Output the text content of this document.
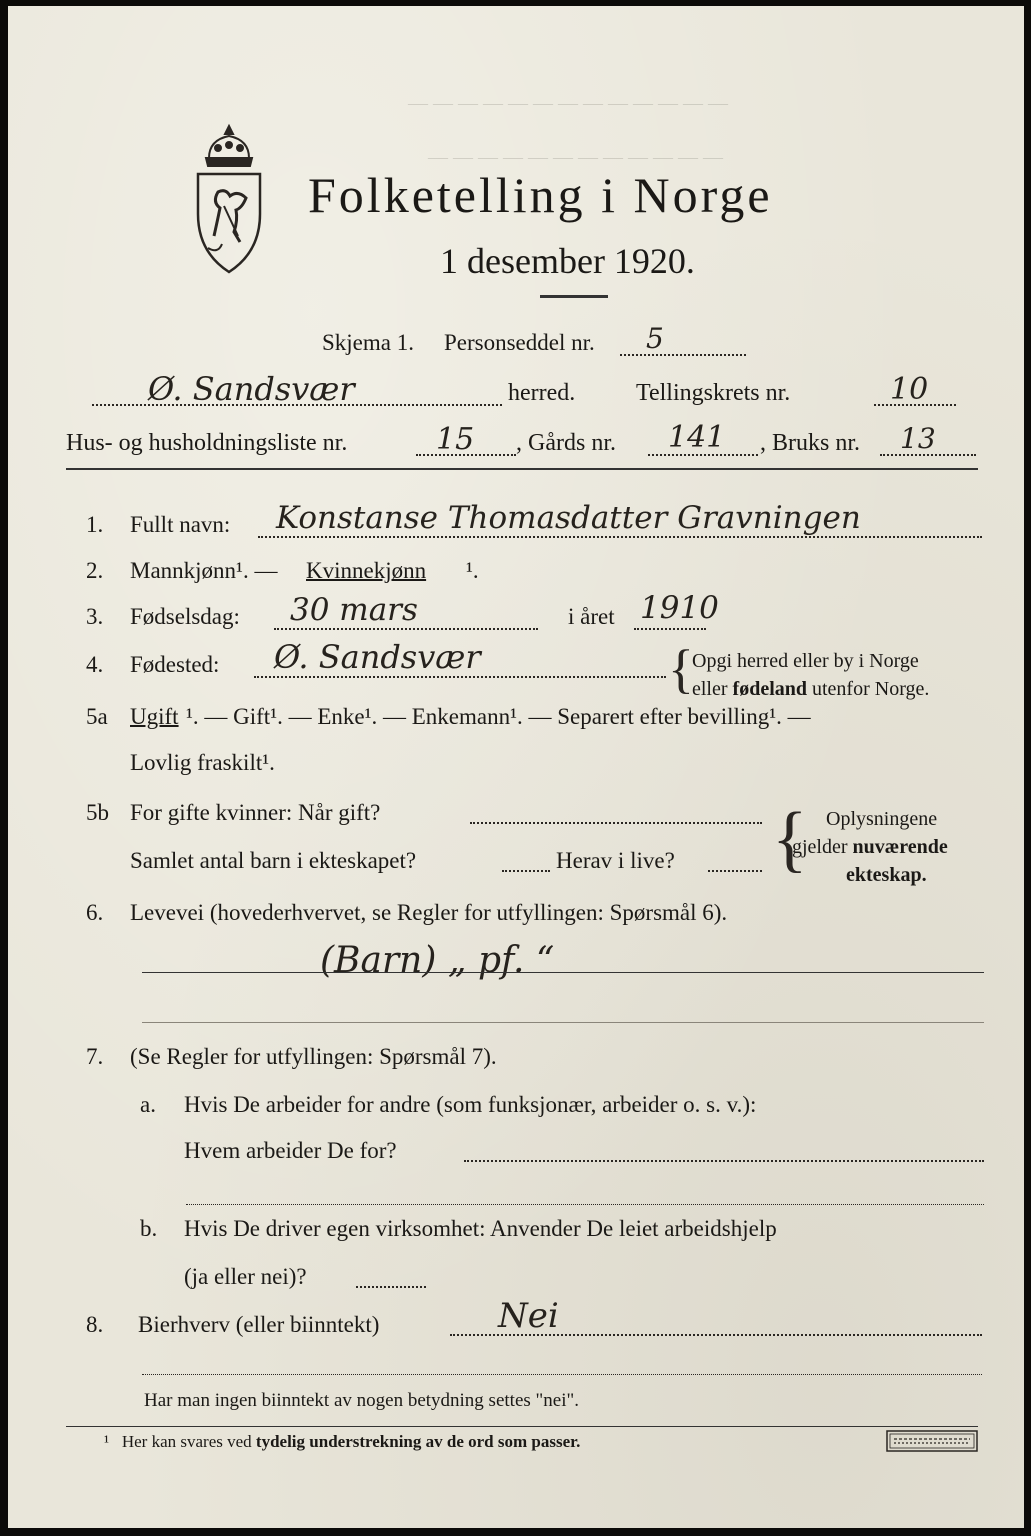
— — — — — — — — — — — — —
— — — — — — — — — — — —
Folketelling i Norge
1 desember 1920.
Skjema 1. Personseddel nr. 5
Ø. Sandsvær	herred.	Tellingskrets nr.	10
Hus- og husholdningsliste nr.	15 , Gårds nr. 141 , Bruks nr. 13
1. Fullt navn: Konstanse Thomasdatter Gravningen
2. Mannkjønn¹. — Kvinnekjønn ¹.
3. Fødselsdag: 30 mars	i året 1910
4. Fødested: Ø. Sandsvær	{
Opgi herred eller by i Norge
eller fødeland utenfor Norge.
5a Ugift ¹. — Gift¹. — Enke¹. — Enkemann¹. — Separert efter bevilling¹. —
Lovlig fraskilt¹.
5b For gifte kvinner: Når gift?
Samlet antal barn i ekteskapet?	Herav i live? { Oplysningene
gjelder nuværende
ekteskap.
6. Levevei (hovederhvervet, se Regler for utfyllingen: Spørsmål 6).
(Barn) „ pf. “
7. (Se Regler for utfyllingen: Spørsmål 7).
a. Hvis De arbeider for andre (som funksjonær, arbeider o. s. v.):
Hvem arbeider De for?
b. Hvis De driver egen virksomhet: Anvender De leiet arbeidshjelp
(ja eller nei)?
8. Bierhverv (eller biinntekt)	Nei
Har man ingen biinntekt av nogen betydning settes "nei".
¹ Her kan svares ved tydelig understrekning av de ord som passer.
